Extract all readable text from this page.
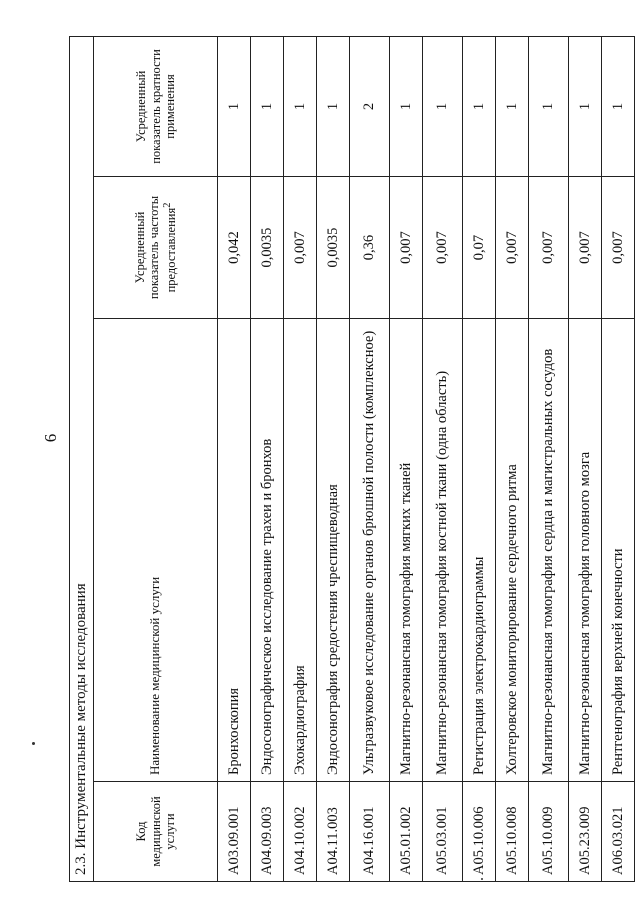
6
2.3. Инструментальные методы исследования			
Код медицинской услуги	Наименование медицинской услуги	Усредненный показатель частоты предоставления$^2$	Усредненный показатель кратности применения
А03.09.001	Бронхоскопия	0,042	1
А04.09.003	Эндосонографическое исследование трахеи и бронхов	0,0035	1
А04.10.002	Эхокардиография	0,007	1
А04.11.003	Эндосонография средостения чреспищеводная	0,0035	1
А04.16.001	Ультразвуковое исследование органов брюшной полости (комплексное)	0,36	2
А05.01.002	Магнитно-резонансная томография мягких тканей	0,007	1
А05.03.001	Магнитно-резонансная томография костной ткани (одна область)	0,007	1
А05.10.006	Регистрация электрокардиограммы	0,07	1
А05.10.008	Холтеровское мониторирование сердечного ритма	0,007	1
А05.10.009	Магнитно-резонансная томография сердца и магистральных сосудов	0,007	1
А05.23.009	Магнитно-резонансная томография головного мозга	0,007	1
А06.03.021	Рентгенография верхней конечности	0,007	1
